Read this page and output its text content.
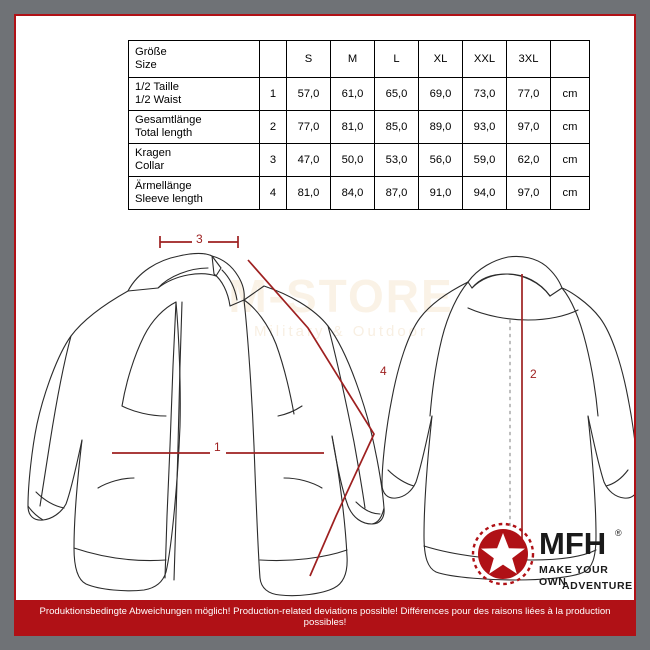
M-STORE
Military & Outdoor
Größe
Size		S	M	L	XL	XXL	3XL	

1/2 Taille
1/2 Waist	1	57,0	61,0	65,0	69,0	73,0	77,0	cm

Gesamtlänge
Total length	2	77,0	81,0	85,0	89,0	93,0	97,0	cm

Kragen
Collar	3	47,0	50,0	53,0	56,0	59,0	62,0	cm

Ärmellänge
Sleeve length	4	81,0	84,0	87,0	91,0	94,0	97,0	cm
3
4
1
2
MFH ®
MAKE YOUR OWN
ADVENTURE
Produktionsbedingte Abweichungen möglich! Production-related deviations possible! Différences pour des raisons liées à la production possibles!
